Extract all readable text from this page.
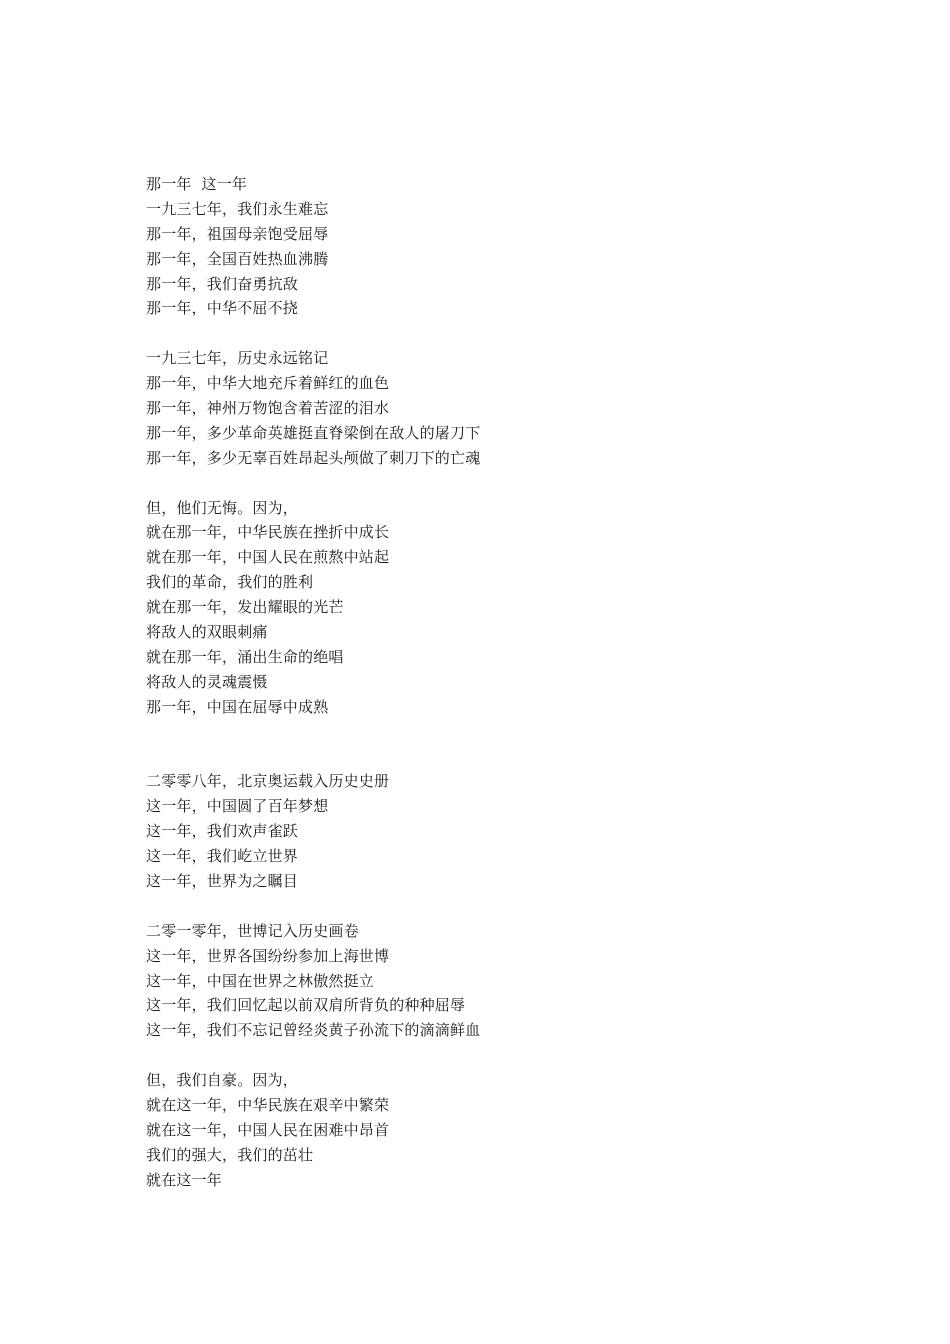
那一年  这一年
一九三七年，我们永生难忘
那一年，祖国母亲饱受屈辱
那一年，全国百姓热血沸腾
那一年，我们奋勇抗敌
那一年，中华不屈不挠
一九三七年，历史永远铭记
那一年，中华大地充斥着鲜红的血色
那一年，神州万物饱含着苦涩的泪水
那一年，多少革命英雄挺直脊梁倒在敌人的屠刀下
那一年，多少无辜百姓昂起头颅做了刺刀下的亡魂
但，他们无悔。因为，
就在那一年，中华民族在挫折中成长
就在那一年，中国人民在煎熬中站起
我们的革命，我们的胜利
就在那一年，发出耀眼的光芒
将敌人的双眼刺痛
就在那一年，涌出生命的绝唱
将敌人的灵魂震慑
那一年，中国在屈辱中成熟
二零零八年，北京奥运载入历史史册
这一年，中国圆了百年梦想
这一年，我们欢声雀跃
这一年，我们屹立世界
这一年，世界为之瞩目
二零一零年，世博记入历史画卷
这一年，世界各国纷纷参加上海世博
这一年，中国在世界之林傲然挺立
这一年，我们回忆起以前双肩所背负的种种屈辱
这一年，我们不忘记曾经炎黄子孙流下的滴滴鲜血
但，我们自豪。因为，
就在这一年，中华民族在艰辛中繁荣
就在这一年，中国人民在困难中昂首
我们的强大，我们的茁壮
就在这一年
